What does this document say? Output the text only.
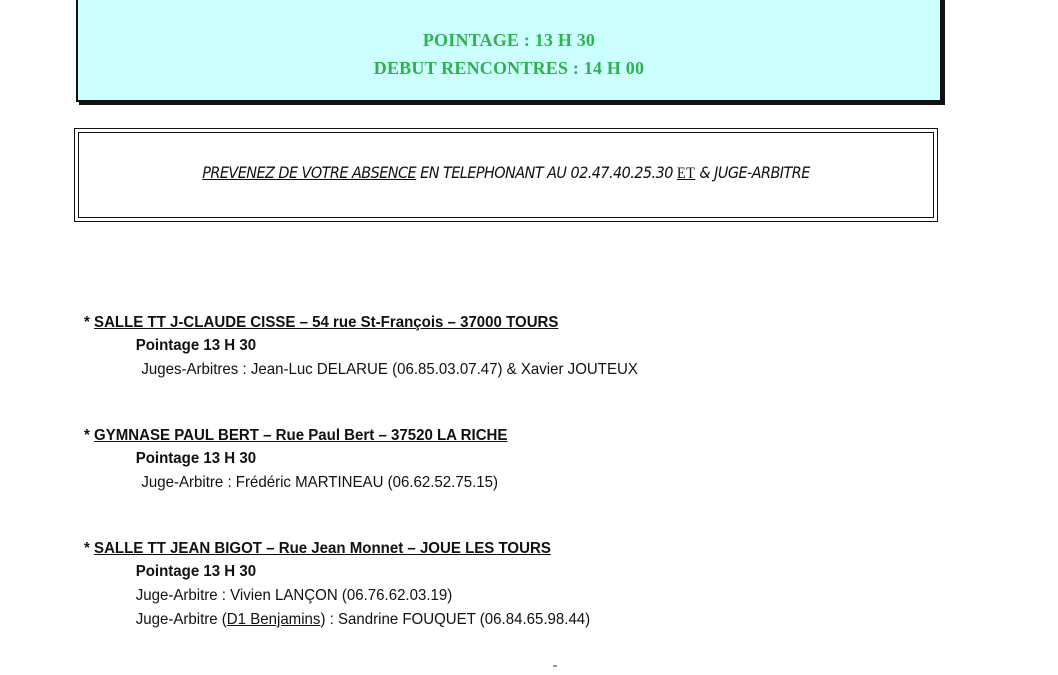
POINTAGE : 13 H 30
DEBUT RENCONTRES : 14 H 00
PREVENEZ DE VOTRE ABSENCE EN TELEPHONANT AU 02.47.40.25.30 ET & JUGE-ARBITRE
* SALLE TT J-CLAUDE CISSE – 54 rue St-François – 37000 TOURS
Pointage 13 H 30
Juges-Arbitres : Jean-Luc DELARUE (06.85.03.07.47) & Xavier JOUTEUX
* GYMNASE PAUL BERT – Rue Paul Bert – 37520 LA RICHE
Pointage 13 H 30
Juge-Arbitre : Frédéric MARTINEAU (06.62.52.75.15)
* SALLE TT JEAN BIGOT – Rue Jean Monnet – JOUE LES TOURS
Pointage 13 H 30
Juge-Arbitre : Vivien LANÇON (06.76.62.03.19)
Juge-Arbitre (D1 Benjamins) : Sandrine FOUQUET (06.84.65.98.44)
